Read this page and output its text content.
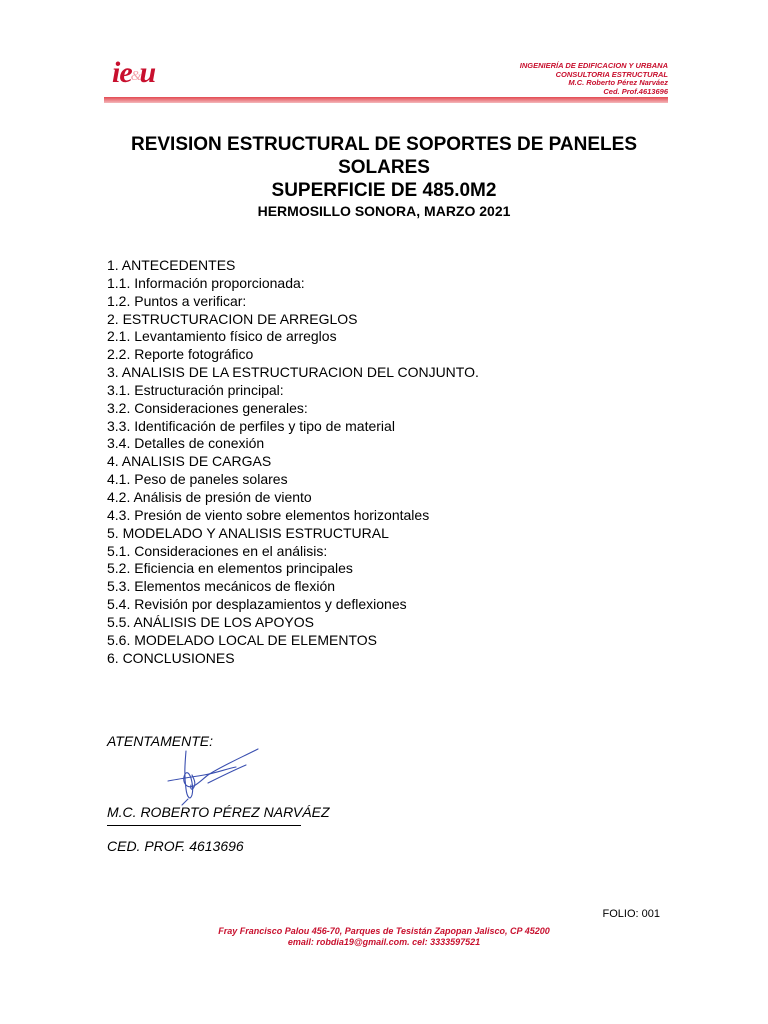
ie&u	INGENIERÍA DE EDIFICACION Y URBANA
CONSULTORIA ESTRUCTURAL
M.C. Roberto Pérez Narváez
Ced. Prof.4613696
REVISION ESTRUCTURAL DE SOPORTES DE PANELES
SOLARES
SUPERFICIE DE 485.0M2
HERMOSILLO SONORA, MARZO 2021
1. ANTECEDENTES
1.1. Información proporcionada:
1.2. Puntos a verificar:
2. ESTRUCTURACION DE ARREGLOS
2.1. Levantamiento físico de arreglos
2.2. Reporte fotográfico
3. ANALISIS DE LA ESTRUCTURACION DEL CONJUNTO.
3.1. Estructuración principal:
3.2. Consideraciones generales:
3.3. Identificación de perfiles y tipo de material
3.4. Detalles de conexión
4. ANALISIS DE CARGAS
4.1. Peso de paneles solares
4.2. Análisis de presión de viento
4.3. Presión de viento sobre elementos horizontales
5. MODELADO Y ANALISIS ESTRUCTURAL
5.1. Consideraciones en el análisis:
5.2. Eficiencia en elementos principales
5.3. Elementos mecánicos de flexión
5.4. Revisión por desplazamientos y deflexiones
5.5. ANÁLISIS DE LOS APOYOS
5.6. MODELADO LOCAL DE ELEMENTOS
6. CONCLUSIONES
ATENTAMENTE:
M.C. ROBERTO PÉREZ NARVÁEZ
CED. PROF. 4613696
FOLIO: 001
Fray Francisco Palou 456-70, Parques de Tesistán Zapopan Jalisco, CP 45200
email: robdia19@gmail.com. cel: 3333597521
